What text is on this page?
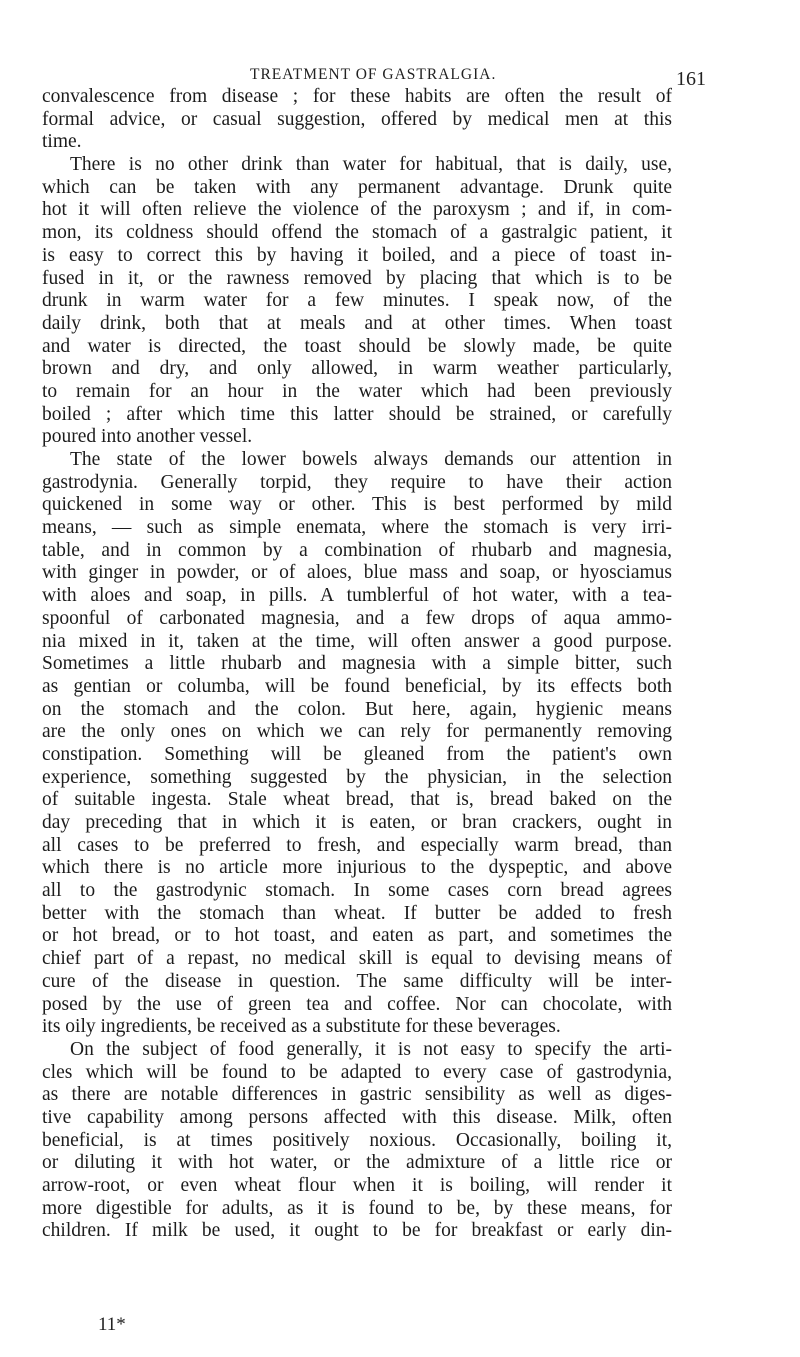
TREATMENT OF GASTRALGIA.	161
convalescence from disease ; for these habits are often the result of
formal advice, or casual suggestion, offered by medical men at this
time.
There is no other drink than water for habitual, that is daily, use,
which can be taken with any permanent advantage. Drunk quite
hot it will often relieve the violence of the paroxysm ; and if, in com-
mon, its coldness should offend the stomach of a gastralgic patient, it
is easy to correct this by having it boiled, and a piece of toast in-
fused in it, or the rawness removed by placing that which is to be
drunk in warm water for a few minutes. I speak now, of the
daily drink, both that at meals and at other times. When toast
and water is directed, the toast should be slowly made, be quite
brown and dry, and only allowed, in warm weather particularly,
to remain for an hour in the water which had been previously
boiled ; after which time this latter should be strained, or carefully
poured into another vessel.
The state of the lower bowels always demands our attention in
gastrodynia. Generally torpid, they require to have their action
quickened in some way or other. This is best performed by mild
means, — such as simple enemata, where the stomach is very irri-
table, and in common by a combination of rhubarb and magnesia,
with ginger in powder, or of aloes, blue mass and soap, or hyosciamus
with aloes and soap, in pills. A tumblerful of hot water, with a tea-
spoonful of carbonated magnesia, and a few drops of aqua ammo-
nia mixed in it, taken at the time, will often answer a good purpose.
Sometimes a little rhubarb and magnesia with a simple bitter, such
as gentian or columba, will be found beneficial, by its effects both
on the stomach and the colon. But here, again, hygienic means
are the only ones on which we can rely for permanently removing
constipation. Something will be gleaned from the patient's own
experience, something suggested by the physician, in the selection
of suitable ingesta. Stale wheat bread, that is, bread baked on the
day preceding that in which it is eaten, or bran crackers, ought in
all cases to be preferred to fresh, and especially warm bread, than
which there is no article more injurious to the dyspeptic, and above
all to the gastrodynic stomach. In some cases corn bread agrees
better with the stomach than wheat. If butter be added to fresh
or hot bread, or to hot toast, and eaten as part, and sometimes the
chief part of a repast, no medical skill is equal to devising means of
cure of the disease in question. The same difficulty will be inter-
posed by the use of green tea and coffee. Nor can chocolate, with
its oily ingredients, be received as a substitute for these beverages.
On the subject of food generally, it is not easy to specify the arti-
cles which will be found to be adapted to every case of gastrodynia,
as there are notable differences in gastric sensibility as well as diges-
tive capability among persons affected with this disease. Milk, often
beneficial, is at times positively noxious. Occasionally, boiling it,
or diluting it with hot water, or the admixture of a little rice or
arrow-root, or even wheat flour when it is boiling, will render it
more digestible for adults, as it is found to be, by these means, for
children. If milk be used, it ought to be for breakfast or early din-
11*
